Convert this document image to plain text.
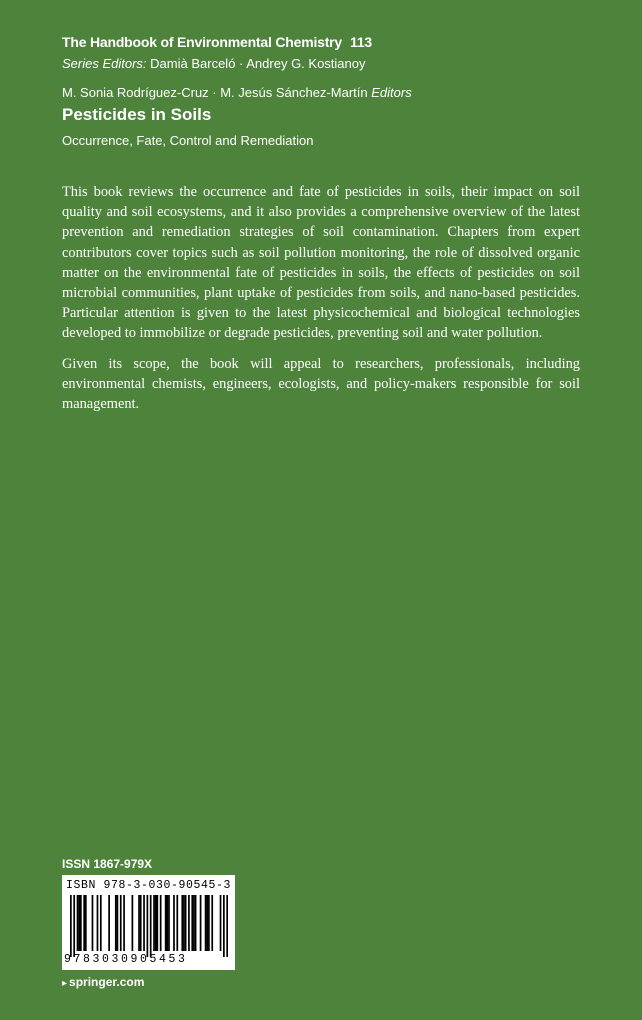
The Handbook of Environmental Chemistry 113
Series Editors: Damià Barceló · Andrey G. Kostianoy
M. Sonia Rodríguez-Cruz · M. Jesús Sánchez-Martín Editors
Pesticides in Soils
Occurrence, Fate, Control and Remediation

This book reviews the occurrence and fate of pesticides in soils, their impact on soil quality and soil ecosystems, and it also provides a comprehensive overview of the latest prevention and remediation strategies of soil contamination. Chapters from expert contributors cover topics such as soil pollution monitoring, the role of dissolved organic matter on the environmental fate of pesticides in soils, the effects of pesticides on soil microbial communities, plant uptake of pesticides from soils, and nano-based pesticides. Particular attention is given to the latest physicochemical and biological technologies developed to immobilize or degrade pesticides, preventing soil and water pollution.

Given its scope, the book will appeal to researchers, professionals, including environmental chemists, engineers, ecologists, and policy-makers responsible for soil management.

ISSN 1867-979X
ISBN 978-3-030-90545-3
9783030905453
▸ springer.com
